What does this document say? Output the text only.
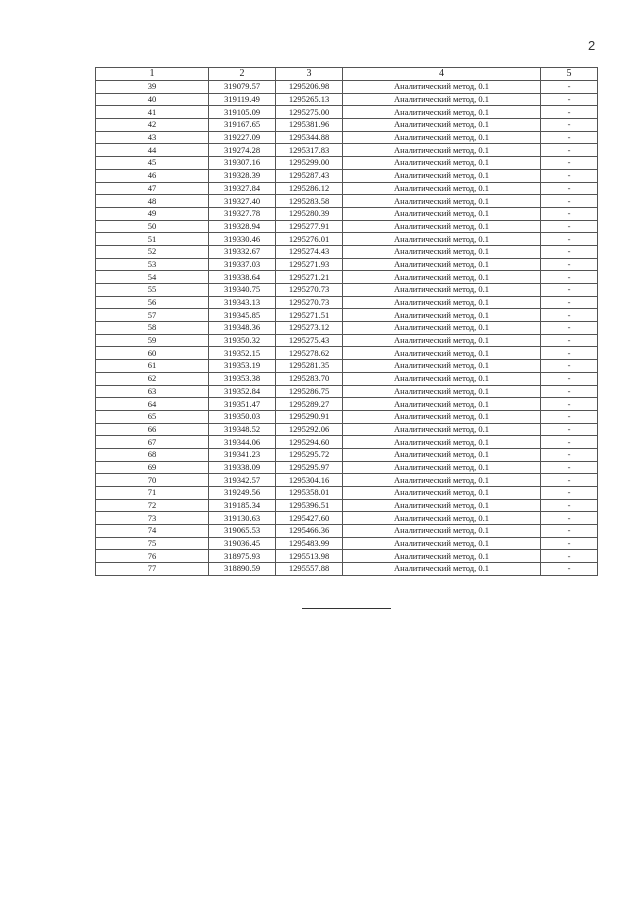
2
1	2	3	4	5
39	319079.57	1295206.98	Аналитический метод, 0.1	-
40	319119.49	1295265.13	Аналитический метод, 0.1	-
41	319105.09	1295275.00	Аналитический метод, 0.1	-
42	319167.65	1295381.96	Аналитический метод, 0.1	-
43	319227.09	1295344.88	Аналитический метод, 0.1	-
44	319274.28	1295317.83	Аналитический метод, 0.1	-
45	319307.16	1295299.00	Аналитический метод, 0.1	-
46	319328.39	1295287.43	Аналитический метод, 0.1	-
47	319327.84	1295286.12	Аналитический метод, 0.1	-
48	319327.40	1295283.58	Аналитический метод, 0.1	-
49	319327.78	1295280.39	Аналитический метод, 0.1	-
50	319328.94	1295277.91	Аналитический метод, 0.1	-
51	319330.46	1295276.01	Аналитический метод, 0.1	-
52	319332.67	1295274.43	Аналитический метод, 0.1	-
53	319337.03	1295271.93	Аналитический метод, 0.1	-
54	319338.64	1295271.21	Аналитический метод, 0.1	-
55	319340.75	1295270.73	Аналитический метод, 0.1	-
56	319343.13	1295270.73	Аналитический метод, 0.1	-
57	319345.85	1295271.51	Аналитический метод, 0.1	-
58	319348.36	1295273.12	Аналитический метод, 0.1	-
59	319350.32	1295275.43	Аналитический метод, 0.1	-
60	319352.15	1295278.62	Аналитический метод, 0.1	-
61	319353.19	1295281.35	Аналитический метод, 0.1	-
62	319353.38	1295283.70	Аналитический метод, 0.1	-
63	319352.84	1295286.75	Аналитический метод, 0.1	-
64	319351.47	1295289.27	Аналитический метод, 0.1	-
65	319350.03	1295290.91	Аналитический метод, 0.1	-
66	319348.52	1295292.06	Аналитический метод, 0.1	-
67	319344.06	1295294.60	Аналитический метод, 0.1	-
68	319341.23	1295295.72	Аналитический метод, 0.1	-
69	319338.09	1295295.97	Аналитический метод, 0.1	-
70	319342.57	1295304.16	Аналитический метод, 0.1	-
71	319249.56	1295358.01	Аналитический метод, 0.1	-
72	319185.34	1295396.51	Аналитический метод, 0.1	-
73	319130.63	1295427.60	Аналитический метод, 0.1	-
74	319065.53	1295466.36	Аналитический метод, 0.1	-
75	319036.45	1295483.99	Аналитический метод, 0.1	-
76	318975.93	1295513.98	Аналитический метод, 0.1	-
77	318890.59	1295557.88	Аналитический метод, 0.1	-
